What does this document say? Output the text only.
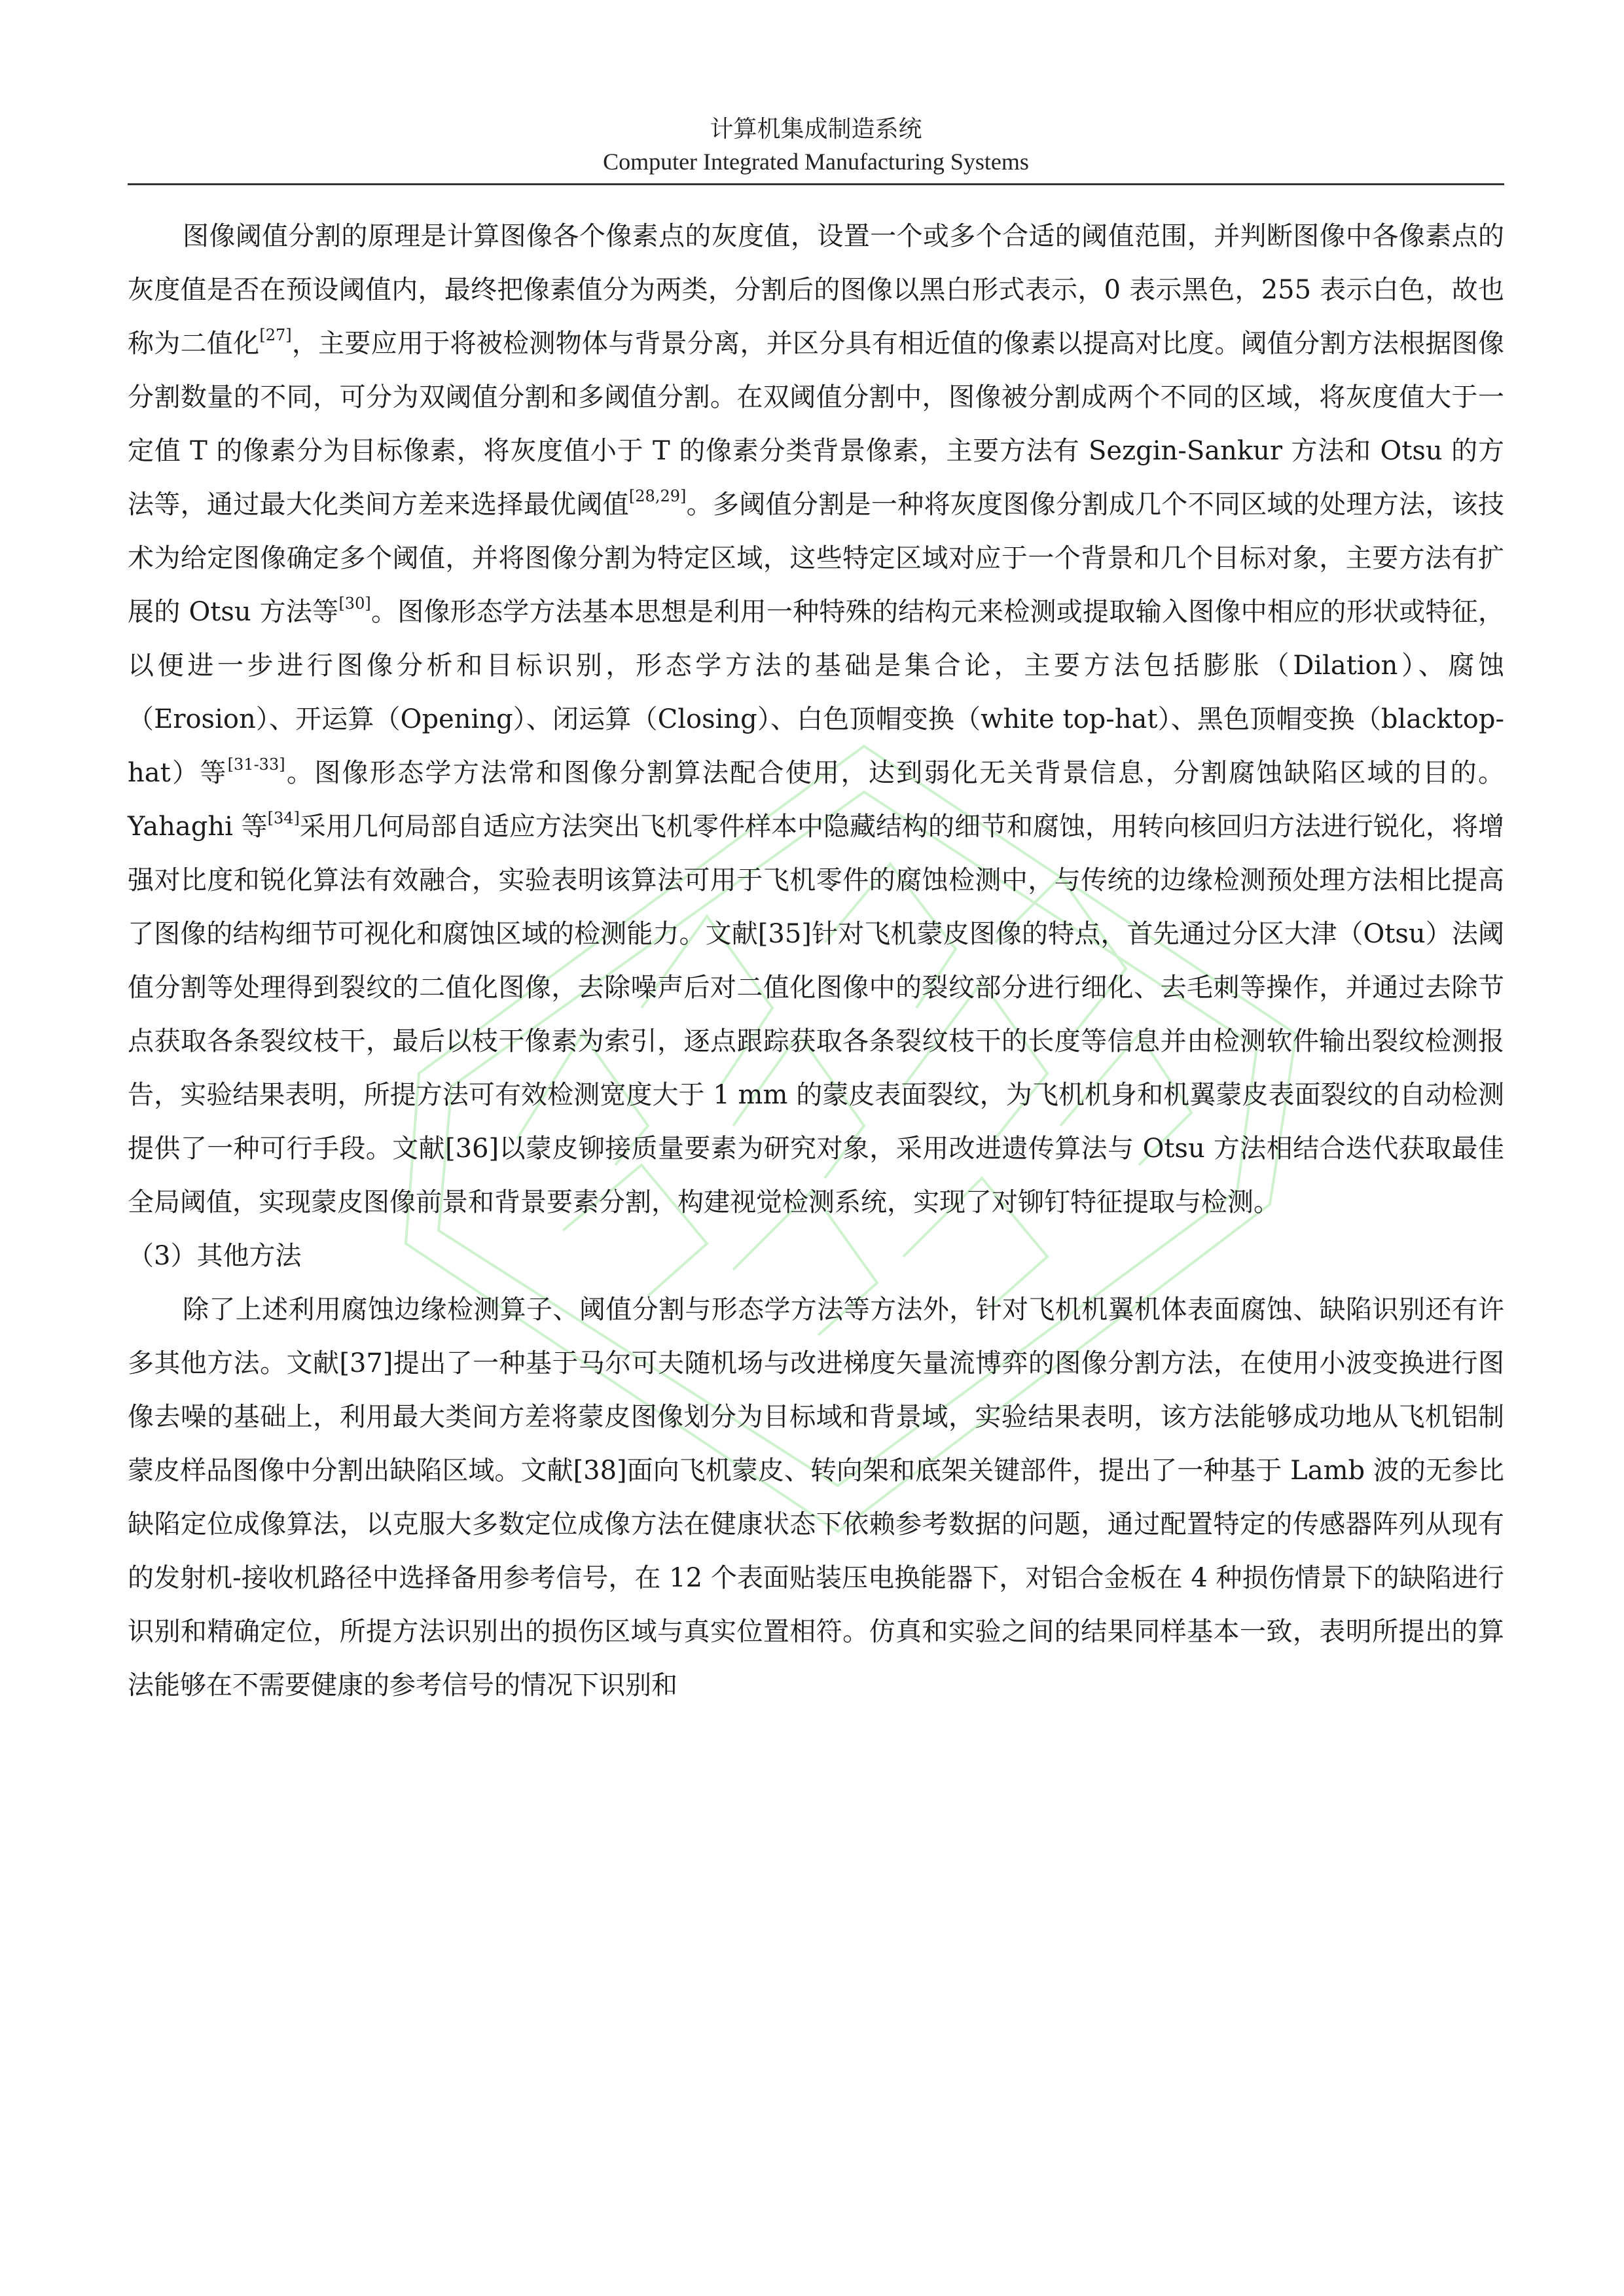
计算机集成制造系统
Computer Integrated Manufacturing Systems

图像阈值分割的原理是计算图像各个像素点的灰度值，设置一个或多个合适的阈值范围，并判断图像中各像素点的灰度值是否在预设阈值内，最终把像素值分为两类，分割后的图像以黑白形式表示，0 表示黑色，255 表示白色，故也称为二值化[27]，主要应用于将被检测物体与背景分离，并区分具有相近值的像素以提高对比度。阈值分割方法根据图像分割数量的不同，可分为双阈值分割和多阈值分割。在双阈值分割中，图像被分割成两个不同的区域，将灰度值大于一定值 T 的像素分为目标像素，将灰度值小于 T 的像素分类背景像素，主要方法有 Sezgin-Sankur 方法和 Otsu 的方法等，通过最大化类间方差来选择最优阈值[28,29]。多阈值分割是一种将灰度图像分割成几个不同区域的处理方法，该技术为给定图像确定多个阈值，并将图像分割为特定区域，这些特定区域对应于一个背景和几个目标对象，主要方法有扩展的 Otsu 方法等[30]。图像形态学方法基本思想是利用一种特殊的结构元来检测或提取输入图像中相应的形状或特征，以便进一步进行图像分析和目标识别，形态学方法的基础是集合论，主要方法包括膨胀（Dilation）、腐蚀（Erosion）、开运算（Opening）、闭运算（Closing）、白色顶帽变换（white top-hat）、黑色顶帽变换（blacktop-hat）等[31-33]。图像形态学方法常和图像分割算法配合使用，达到弱化无关背景信息，分割腐蚀缺陷区域的目的。Yahaghi 等[34]采用几何局部自适应方法突出飞机零件样本中隐藏结构的细节和腐蚀，用转向核回归方法进行锐化，将增强对比度和锐化算法有效融合，实验表明该算法可用于飞机零件的腐蚀检测中，与传统的边缘检测预处理方法相比提高了图像的结构细节可视化和腐蚀区域的检测能力。文献[35]针对飞机蒙皮图像的特点，首先通过分区大津（Otsu）法阈值分割等处理得到裂纹的二值化图像，去除噪声后对二值化图像中的裂纹部分进行细化、去毛刺等操作，并通过去除节点获取各条裂纹枝干，最后以枝干像素为索引，逐点跟踪获取各条裂纹枝干的长度等信息并由检测软件输出裂纹检测报告，实验结果表明，所提方法可有效检测宽度大于 1 mm 的蒙皮表面裂纹，为飞机机身和机翼蒙皮表面裂纹的自动检测提供了一种可行手段。文献[36]以蒙皮铆接质量要素为研究对象，采用改进遗传算法与 Otsu 方法相结合迭代获取最佳全局阈值，实现蒙皮图像前景和背景要素分割，构建视觉检测系统，实现了对铆钉特征提取与检测。

（3）其他方法

除了上述利用腐蚀边缘检测算子、阈值分割与形态学方法等方法外，针对飞机机翼机体表面腐蚀、缺陷识别还有许多其他方法。文献[37]提出了一种基于马尔可夫随机场与改进梯度矢量流博弈的图像分割方法，在使用小波变换进行图像去噪的基础上，利用最大类间方差将蒙皮图像划分为目标域和背景域，实验结果表明，该方法能够成功地从飞机铝制蒙皮样品图像中分割出缺陷区域。文献[38]面向飞机蒙皮、转向架和底架关键部件，提出了一种基于 Lamb 波的无参比缺陷定位成像算法，以克服大多数定位成像方法在健康状态下依赖参考数据的问题，通过配置特定的传感器阵列从现有的发射机-接收机路径中选择备用参考信号，在 12 个表面贴装压电换能器下，对铝合金板在 4 种损伤情景下的缺陷进行识别和精确定位，所提方法识别出的损伤区域与真实位置相符。仿真和实验之间的结果同样基本一致，表明所提出的算法能够在不需要健康的参考信号的情况下识别和
